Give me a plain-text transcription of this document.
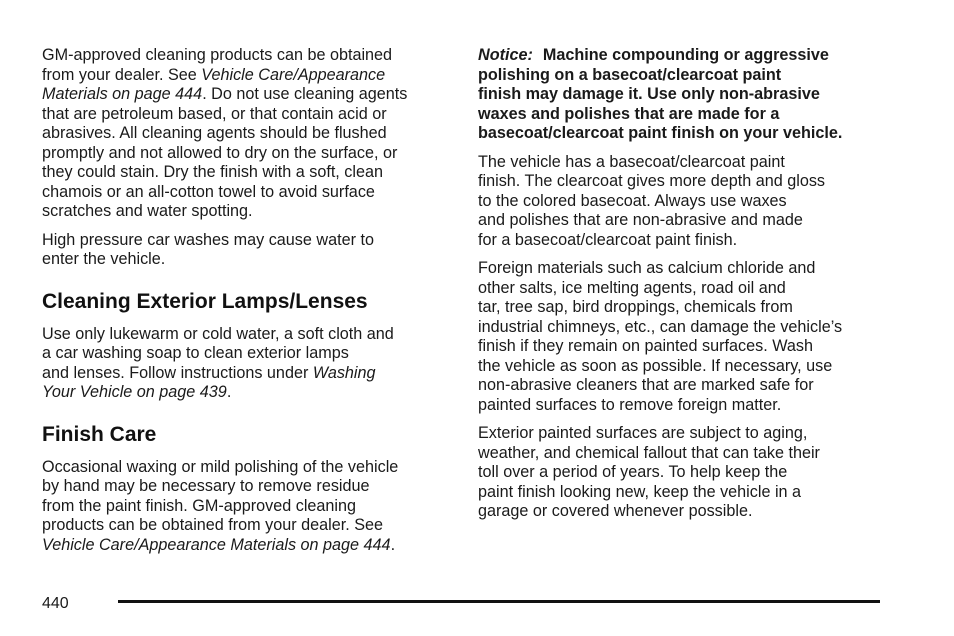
GM-approved cleaning products can be obtained
from your dealer. See Vehicle Care/Appearance
Materials on page 444. Do not use cleaning agents
that are petroleum based, or that contain acid or
abrasives. All cleaning agents should be flushed
promptly and not allowed to dry on the surface, or
they could stain. Dry the finish with a soft, clean
chamois or an all-cotton towel to avoid surface
scratches and water spotting.

High pressure car washes may cause water to
enter the vehicle.

Cleaning Exterior Lamps/Lenses

Use only lukewarm or cold water, a soft cloth and
a car washing soap to clean exterior lamps
and lenses. Follow instructions under Washing
Your Vehicle on page 439.

Finish Care

Occasional waxing or mild polishing of the vehicle
by hand may be necessary to remove residue
from the paint finish. GM-approved cleaning
products can be obtained from your dealer. See
Vehicle Care/Appearance Materials on page 444.

Notice: Machine compounding or aggressive
polishing on a basecoat/clearcoat paint
finish may damage it. Use only non-abrasive
waxes and polishes that are made for a
basecoat/clearcoat paint finish on your vehicle.

The vehicle has a basecoat/clearcoat paint
finish. The clearcoat gives more depth and gloss
to the colored basecoat. Always use waxes
and polishes that are non-abrasive and made
for a basecoat/clearcoat paint finish.

Foreign materials such as calcium chloride and
other salts, ice melting agents, road oil and
tar, tree sap, bird droppings, chemicals from
industrial chimneys, etc., can damage the vehicle’s
finish if they remain on painted surfaces. Wash
the vehicle as soon as possible. If necessary, use
non-abrasive cleaners that are marked safe for
painted surfaces to remove foreign matter.

Exterior painted surfaces are subject to aging,
weather, and chemical fallout that can take their
toll over a period of years. To help keep the
paint finish looking new, keep the vehicle in a
garage or covered whenever possible.

440
